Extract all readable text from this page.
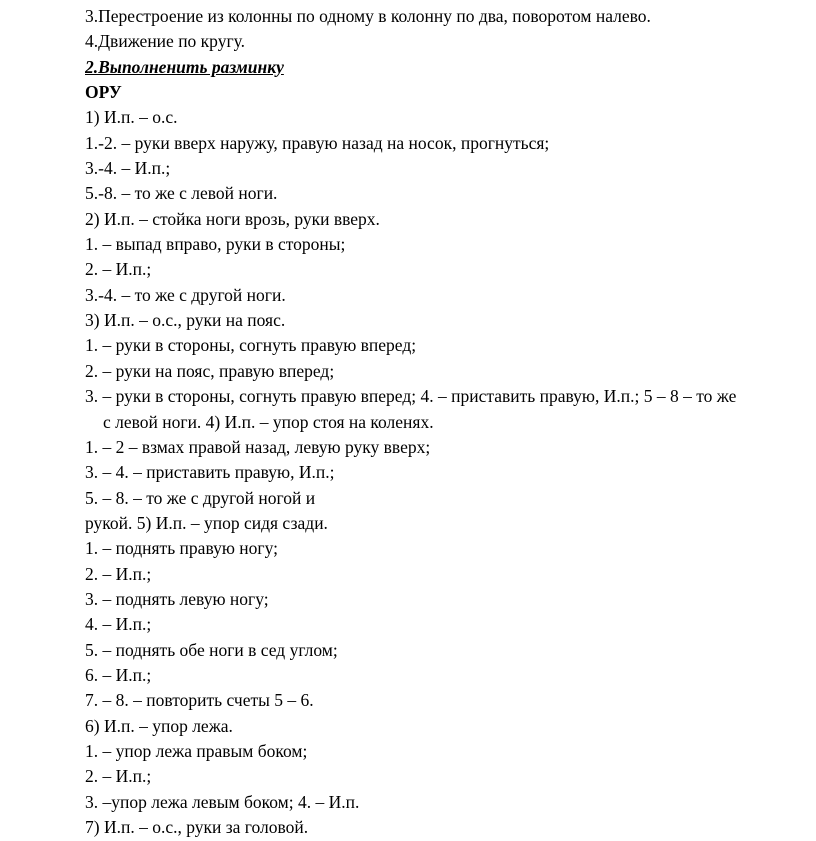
3.Перестроение из колонны по одному в колонну по два, поворотом налево.
4.Движение по кругу.
2.Выполненить разминку
ОРУ
1) И.п. – о.с.
1.-2. – руки вверх наружу, правую назад на носок, прогнуться;
3.-4. – И.п.;
5.-8. – то же с левой ноги.
2) И.п. – стойка ноги врозь, руки вверх.
1. – выпад вправо, руки в стороны;
2. – И.п.;
3.-4. – то же с другой ноги.
3) И.п. – о.с., руки на пояс.
1. – руки в стороны, согнуть правую вперед;
2. – руки на пояс, правую вперед;
3. – руки в стороны, согнуть правую вперед; 4. – приставить правую, И.п.; 5 – 8 – то же
с левой ноги. 4) И.п. – упор стоя на коленях.
1. – 2 – взмах правой назад, левую руку вверх;
3. – 4. – приставить правую, И.п.;
5. – 8. – то же с другой ногой и
рукой. 5) И.п. – упор сидя сзади.
1. – поднять правую ногу;
2. – И.п.;
3. – поднять левую ногу;
4. – И.п.;
5. – поднять обе ноги в сед углом;
6. – И.п.;
7. – 8. – повторить счеты 5 – 6.
6) И.п. – упор лежа.
1. – упор лежа правым боком;
2. – И.п.;
3. –упор лежа левым боком; 4. – И.п.
7) И.п. – о.с., руки за головой.
